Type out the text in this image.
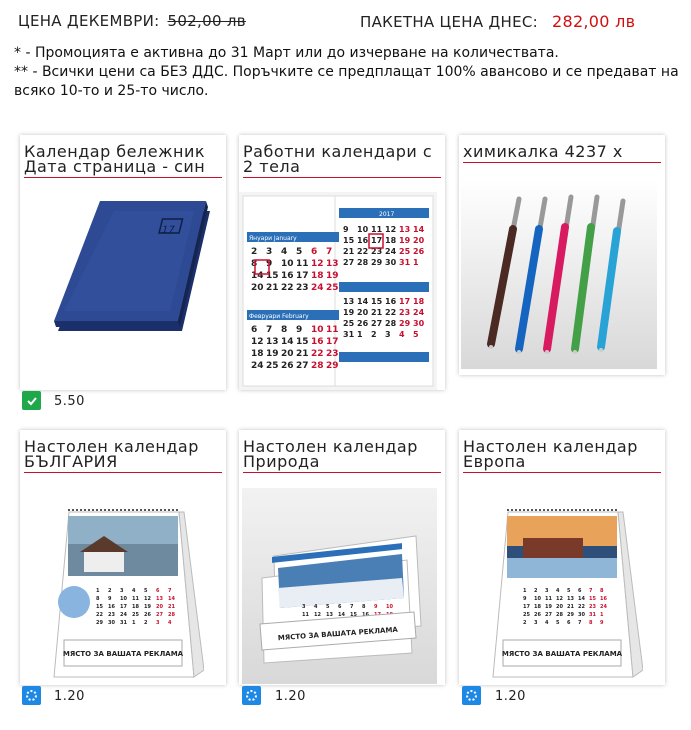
ЦЕНА ДЕКЕМВРИ: 502,00 лв	ПАКЕТНА ЦЕНА ДНЕС: 282,00 лв

* - Промоцията е активна до 31 Март или до изчерване на количествата.

** - Всички цени са БЕЗ ДДС. Поръчките се предплащат 100% авансово и се предават на всяко 10-то и 25-то число.

Календар бележник Дата страница - син
17
5.50
Работни календари с 2 тела
Януари January
Февруари February
2017
2 3 4 5 6 7
8 9 10 11 12 13
14 15 16 17 18 19
20 21 22 23 24 25
6 7 8 9 10 11
12 13 14 15 16 17
18 19 20 21 22 23
24 25 26 27 28 29
9 10 11 12 13 14
15 16 17 18 19 20
21 22 23 24 25 26
27 28 29 30 31 1
13 14 15 16 17 18
19 20 21 22 23 24
25 26 27 28 29 30
31 1 2 3 4 5
химикалка 4237 х
Настолен календар БЪЛГАРИЯ
1 2 3 4 5 6 7
8 9 10 11 12 13 14
15 16 17 18 19 20 21
22 23 24 25 26 27 28
29 30 31 1 2 3 4
МЯСТО ЗА ВАШАТА РЕКЛАМА
1.20
Настолен календар Природа
3 4 5 6 7 8 9 10
11 12 13 14 15 16
МЯСТО ЗА ВАШАТА РЕКЛАМА
1.20
Настолен календар Европа
1 2 3 4 5 6 7 8
9 10 11 12 13 14 15 16
17 18 19 20 21 22 23 24
25 26 27 28 29 30 31 1
2 3 4 5 6 7 8 9
МЯСТО ЗА ВАШАТА РЕКЛАМА
1.20
